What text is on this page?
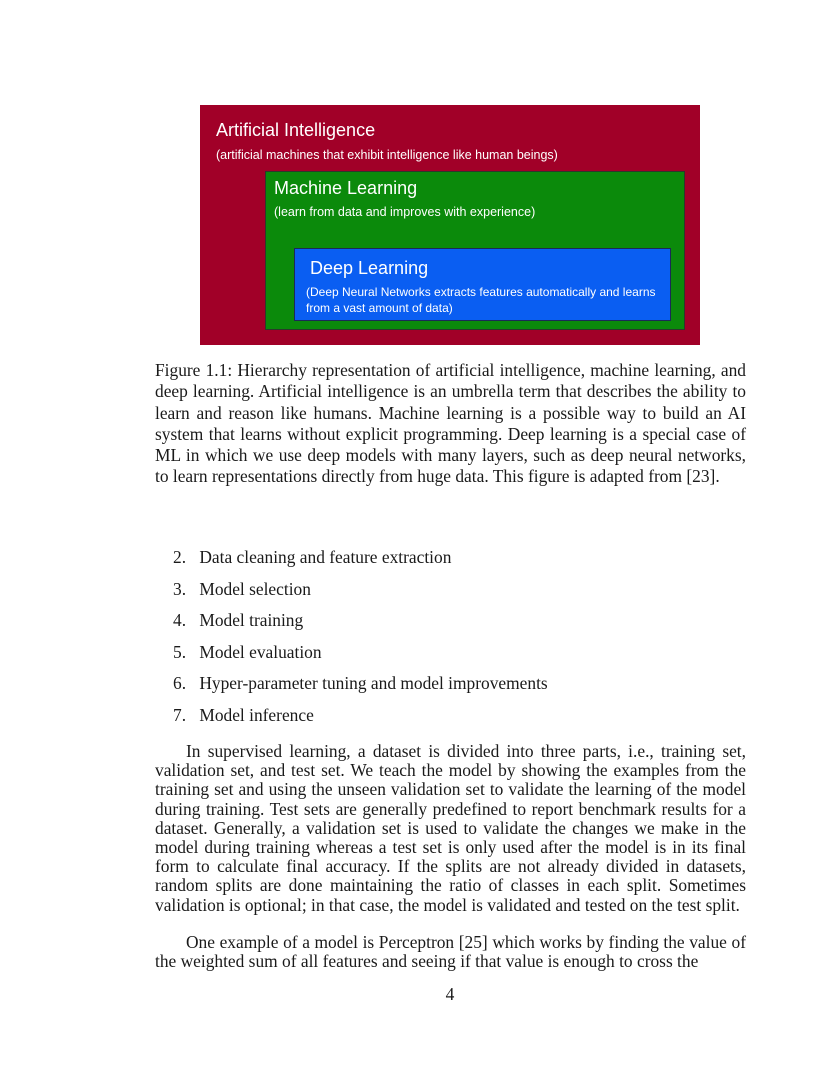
Artificial Intelligence
(artificial machines that exhibit intelligence like human beings)
Machine Learning
(learn from data and improves with experience)
Deep Learning
(Deep Neural Networks extracts features automatically and learns from a vast amount of data)
Figure 1.1: Hierarchy representation of artificial intelligence, machine learning, and deep learning. Artificial intelligence is an umbrella term that describes the ability to learn and reason like humans. Machine learning is a possible way to build an AI system that learns without explicit programming. Deep learning is a special case of ML in which we use deep models with many layers, such as deep neural networks, to learn representations directly from huge data. This figure is adapted from [23].
2. Data cleaning and feature extraction
3. Model selection
4. Model training
5. Model evaluation
6. Hyper-parameter tuning and model improvements
7. Model inference

In supervised learning, a dataset is divided into three parts, i.e., training set, validation set, and test set. We teach the model by showing the examples from the training set and using the unseen validation set to validate the learning of the model during training. Test sets are generally predefined to report benchmark results for a dataset. Generally, a validation set is used to validate the changes we make in the model during training whereas a test set is only used after the model is in its final form to calculate final accuracy. If the splits are not already divided in datasets, random splits are done maintaining the ratio of classes in each split. Sometimes validation is optional; in that case, the model is validated and tested on the test split.

One example of a model is Perceptron [25] which works by finding the value of the weighted sum of all features and seeing if that value is enough to cross the

4
